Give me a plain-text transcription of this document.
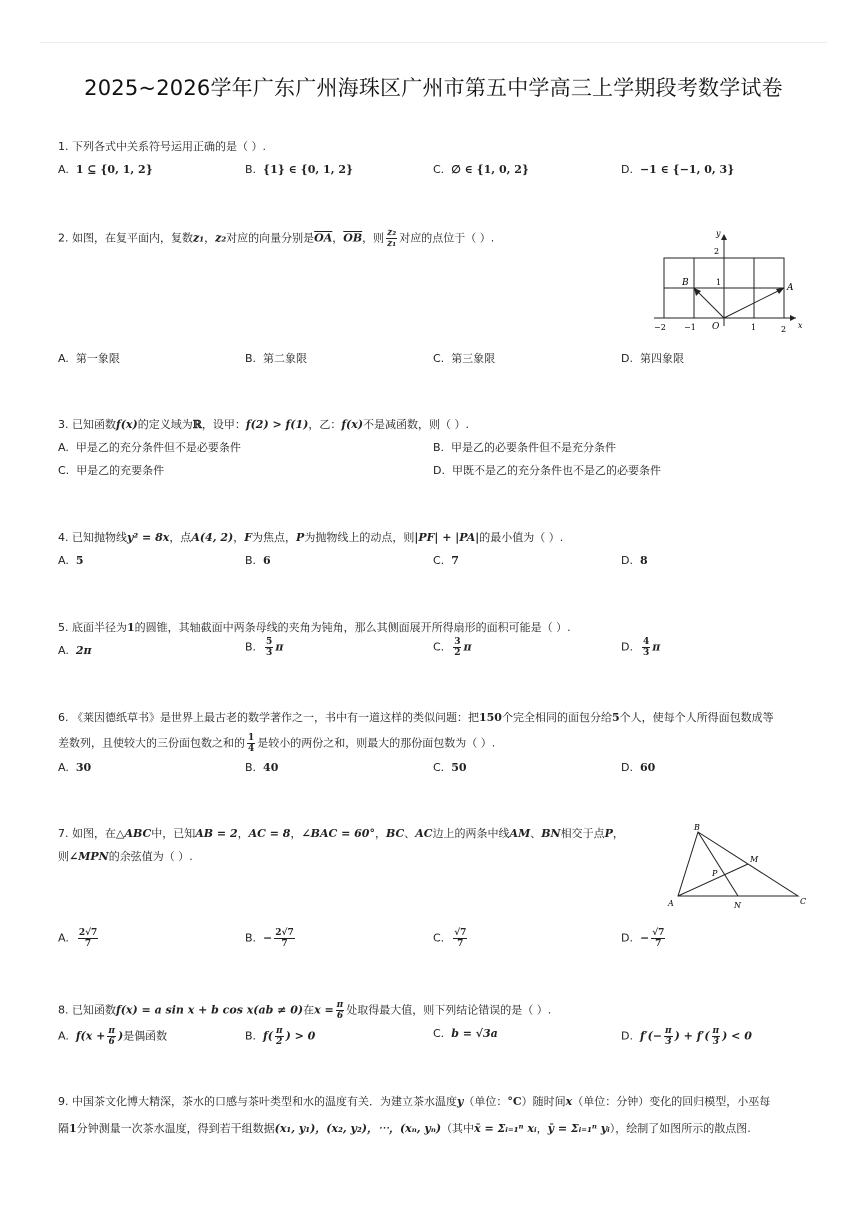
2025~2026学年广东广州海珠区广州市第五中学高三上学期段考数学试卷
1. 下列各式中关系符号运用正确的是（ ）.
A. 1 ⊆ {0, 1, 2}	B. {1} ∈ {0, 1, 2}	C. ∅ ∈ {1, 0, 2}	D. −1 ∈ {−1, 0, 3}
2. 如图，在复平面内，复数z₁，z₂对应的向量分别是$\overline{OA}$，$\overline{OB}$，则 $\frac{\text{z₂}}{\text{z₁}}$ 对应的点位于（ ）.	y
x
O
2
1
−2 −1	1	2
A
B
A. 第一象限	B. 第二象限	C. 第三象限	D. 第四象限
3. 已知函数f(x)的定义域为ℝ，设甲：f(2) > f(1)，乙：f(x)不是减函数，则（ ）.
A. 甲是乙的充分条件但不是必要条件	B. 甲是乙的必要条件但不是充分条件
C. 甲是乙的充要条件	D. 甲既不是乙的充分条件也不是乙的必要条件
4. 已知抛物线y² = 8x，点A(4, 2)，F为焦点，P为抛物线上的动点，则|PF| + |PA|的最小值为（ ）.
A. 5	B. 6	C. 7	D. 8
5. 底面半径为1的圆锥，其轴截面中两条母线的夹角为钝角，那么其侧面展开所得扇形的面积可能是（ ）.
A. 2π	B. $\frac{5}{3}$ π	C. $\frac{3}{2}$ π	D. $\frac{4}{3}$ π
6. 《莱因德纸草书》是世界上最古老的数学著作之一，书中有一道这样的类似问题：把150个完全相同的面包分给5个人，使每个人所得面包数成等
差数列，且使较大的三份面包数之和的 $\frac{1}{4}$ 是较小的两份之和，则最大的那份面包数为（ ）.
A. 30	B. 40	C. 50	D. 60
7. 如图，在△ABC中，已知AB = 2，AC = 8，∠BAC = 60°，BC、AC边上的两条中线AM、BN相交于点P，
则∠MPN的余弦值为（ ）.
A
B
C
M
N
P
A. $\frac{2√7}{7}$	B. − $\frac{2√7}{7}$	C. $\frac{√7}{7}$	D. − $\frac{√7}{7}$
8. 已知函数f(x) = a sin x + b cos x(ab ≠ 0)在$x = \frac{\pi}{6}$ 处取得最大值，则下列结论错误的是（ ）.
A. $f(x + \frac{\pi}{6}$ )是偶函数	B. $f( \frac{\pi}{2}$ ) > 0	C. b = √3a	D. $f'(- \frac{\pi}{3}$ ) + $f'( \frac{\pi}{3}$ ) < 0
9. 中国茶文化博大精深，茶水的口感与茶叶类型和水的温度有关．为建立茶水温度y（单位：°C）随时间x（单位：分钟）变化的回归模型，小巫每
隔1分钟测量一次茶水温度，得到若干组数据(x₁, y₁)，(x₂, y₂)，⋯，(xₙ, yₙ)（其中x̄ = Σᵢ₌₁ⁿ xᵢ，ȳ = Σᵢ₌₁ⁿ yᵢ），绘制了如图所示的散点图.
